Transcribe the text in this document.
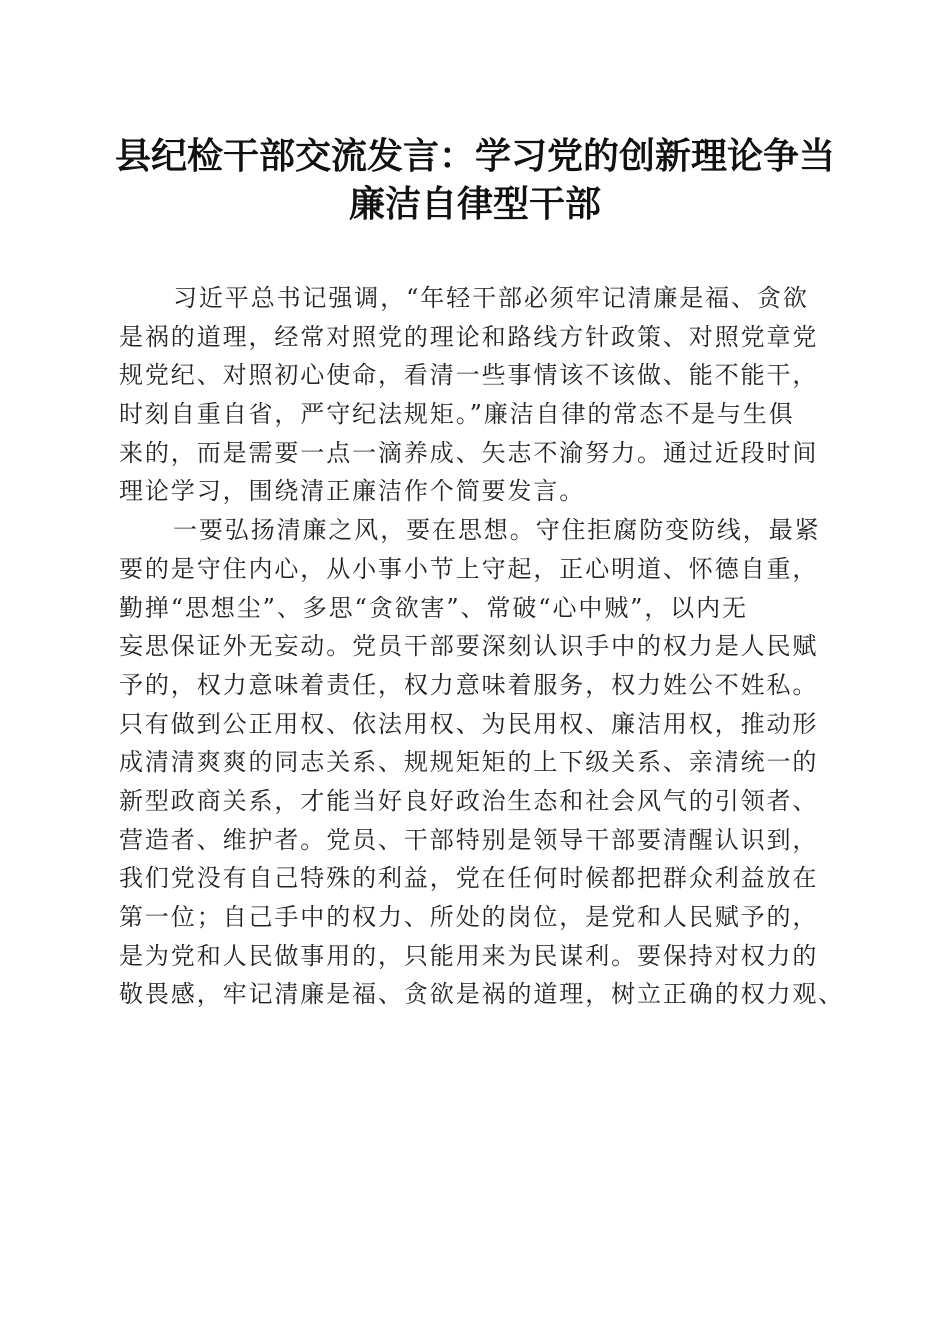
县纪检干部交流发言：学习党的创新理论争当
廉洁自律型干部
习近平总书记强调，“年轻干部必须牢记清廉是福、贪欲
是祸的道理，经常对照党的理论和路线方针政策、对照党章党
规党纪、对照初心使命，看清一些事情该不该做、能不能干，
时刻自重自省，严守纪法规矩。”廉洁自律的常态不是与生俱
来的，而是需要一点一滴养成、矢志不渝努力。通过近段时间
理论学习，围绕清正廉洁作个简要发言。
一要弘扬清廉之风，要在思想。守住拒腐防变防线，最紧
要的是守住内心，从小事小节上守起，正心明道、怀德自重，
勤掸“思想尘”、多思“贪欲害”、常破“心中贼”，以内无
妄思保证外无妄动。党员干部要深刻认识手中的权力是人民赋
予的，权力意味着责任，权力意味着服务，权力姓公不姓私。
只有做到公正用权、依法用权、为民用权、廉洁用权，推动形
成清清爽爽的同志关系、规规矩矩的上下级关系、亲清统一的
新型政商关系，才能当好良好政治生态和社会风气的引领者、
营造者、维护者。党员、干部特别是领导干部要清醒认识到，
我们党没有自己特殊的利益，党在任何时候都把群众利益放在
第一位；自己手中的权力、所处的岗位，是党和人民赋予的，
是为党和人民做事用的，只能用来为民谋利。要保持对权力的
敬畏感，牢记清廉是福、贪欲是祸的道理，树立正确的权力观、
